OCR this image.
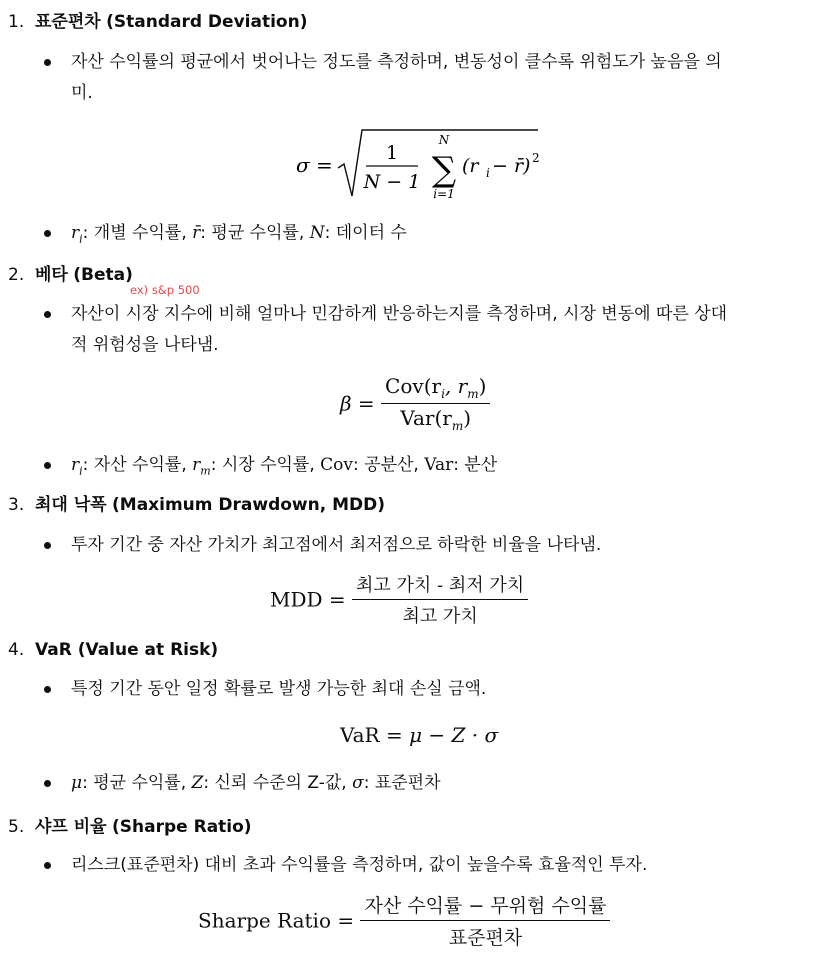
1. 표준편차 (Standard Deviation)
자산 수익률의 평균에서 벗어나는 정도를 측정하며, 변동성이 클수록 위험도가 높음을 의
미.
σ =	1
N − 1
N
∑
i=1
(r i − r̄) 2
$r_i$: 개별 수익률, r̄: 평균 수익률, N: 데이터 수
2. 베타 (Beta)
ex) s&p 500
자산이 시장 지수에 비해 얼마나 민감하게 반응하는지를 측정하며, 시장 변동에 따른 상대
적 위험성을 나타냄.
$\beta = \frac{Cov(r_i, r_m)}{Var(r_m)}$
$r_i$: 자산 수익률, $r_m$: 시장 수익률, Cov: 공분산, Var: 분산
3. 최대 낙폭 (Maximum Drawdown, MDD)
투자 기간 중 자산 가치가 최고점에서 최저점으로 하락한 비율을 나타냄.
MDD = $\frac{\text{최고 가치 - 최저 가치}}{\text{최고 가치}}$
4. VaR (Value at Risk)
특정 기간 동안 일정 확률로 발생 가능한 최대 손실 금액.
VaR = μ − Z · σ
μ: 평균 수익률, Z: 신뢰 수준의 Z-값, σ: 표준편차
5. 샤프 비율 (Sharpe Ratio)
리스크(표준편차) 대비 초과 수익률을 측정하며, 값이 높을수록 효율적인 투자.
Sharpe Ratio = $\frac{\text{자산 수익률 − 무위험 수익률}}{\text{표준편차}}$
